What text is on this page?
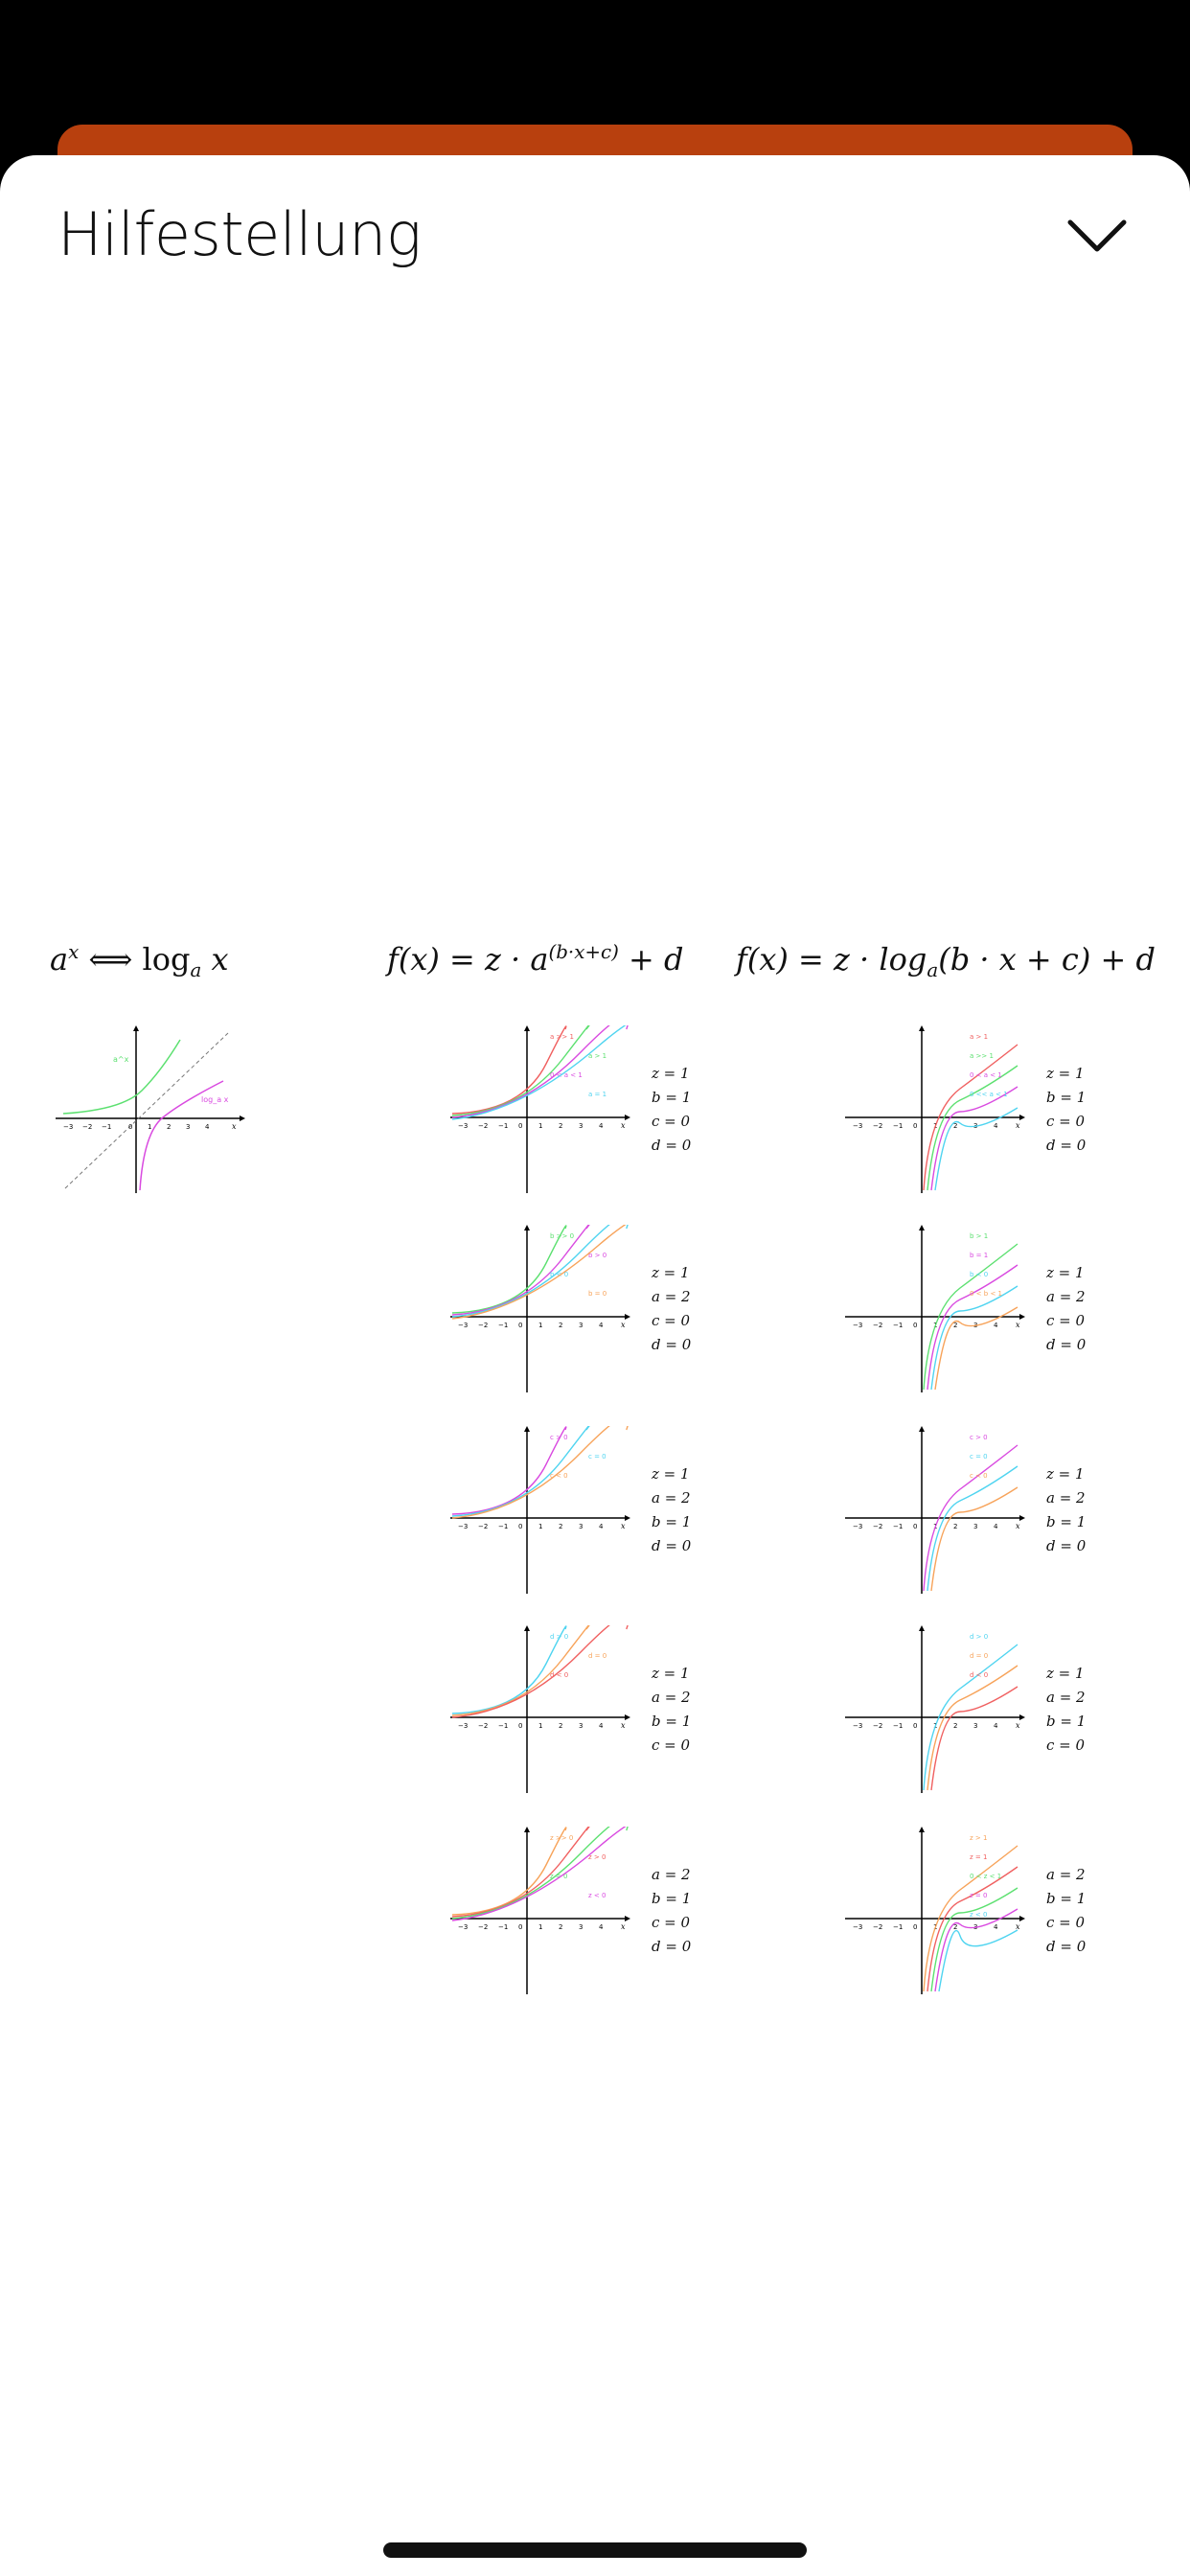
Hilfestellung
$a^x$ ⟺ $\log_a x$	$f(x) = z \cdot a^{(b\cdot x+c)} + d$ $f(x) = z \cdot \log_a(b \cdot x + c) + d$
a^x
log_a x
−3 −2 −1	0 1 2 3 4	x	−3 −2 −1 0 1 2 3 4 x
a >> 1
a > 1
0 < a < 1
a = 1
z = 1
b = 1
c = 0
d = 0
−3 −2 −1 0 1 2 3 4 x
b >> 0
b > 0
b < 0
b = 0
z = 1
a = 2
c = 0
d = 0
−3 −2 −1 0 1 2 3 4 x
c > 0
c = 0
c < 0	z = 1
a = 2
b = 1
d = 0
−3 −2 −1 0 1 2 3 4 x
d > 0
d = 0
d < 0	z = 1
a = 2
b = 1
c = 0
−3 −2 −1 0 1 2 3 4 x
z >> 0
z > 0
z = 0
z < 0
a = 2
b = 1
c = 0
d = 0
−3 −2 −1 0 1 2 3 4 x
a > 1
a >> 1
0 < a < 1
0 << a < 1
z = 1
b = 1
c = 0
d = 0
−3 −2 −1 0 1 2 3 4 x
b > 1
b = 1
b < 0
0 < b < 1
z = 1
a = 2
c = 0
d = 0
−3 −2 −1 0 1 2 3 4 x
c > 0
c = 0
c < 0	z = 1
a = 2
b = 1
d = 0
−3 −2 −1 0 1 2 3 4 x
d > 0
d = 0
d < 0	z = 1
a = 2
b = 1
c = 0
−3 −2 −1 0 1 2 3 4 x
z > 1
z = 1
0 < z < 1
z = 0
z < 0
a = 2
b = 1
c = 0
d = 0
